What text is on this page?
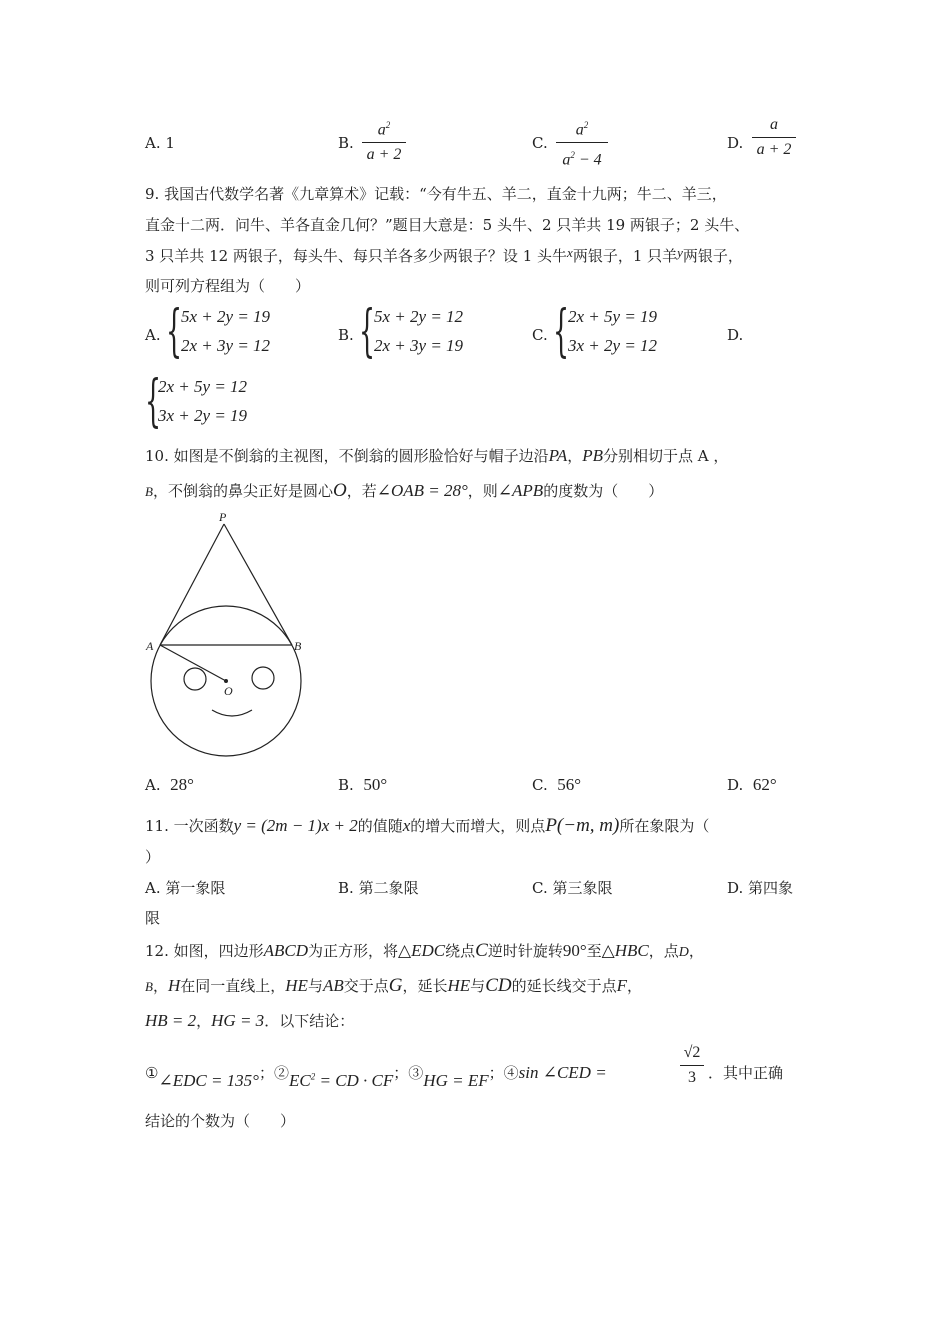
A. 1	B.
$a^2$
a + 2
C.
$a^2$
$a^2 - 4$
D.
a
a + 2
9. 我国古代数学名著《九章算术》记载：“今有牛五、羊二，直金十九两；牛二、羊三，
直金十二两．问牛、羊各直金几何？”题目大意是：5 头牛、2 只羊共 19 两银子；2 头牛、
3 只羊共 12 两银子，每头牛、每只羊各多少两银子？设 1 头牛x两银子，1 只羊y两银子，
则可列方程组为（　　）
A. {
5x + 2y = 19
2x + 3y = 12
B. {
5x + 2y = 12
2x + 3y = 19
C. {
2x + 5y = 19
3x + 2y = 12
D.
{
2x + 5y = 12
3x + 2y = 19
10. 如图是不倒翁的主视图，不倒翁的圆形脸恰好与帽子边沿PA，PB分别相切于点 A ，
B，不倒翁的鼻尖正好是圆心O，若∠OAB = 28°，则∠APB的度数为（　　）
P
A	B
O
A. 28°	B. 50°	C. 56°	D. 62°
11. 一次函数y = (2m − 1)x + 2的值随x的增大而增大，则点P(−m, m)所在象限为（
）
A. 第一象限	B. 第二象限	C. 第三象限	D. 第四象
限
12. 如图，四边形ABCD为正方形，将△EDC绕点C逆时针旋转90°至△HBC，点D，
B，H在同一直线上，HE与AB交于点G，延长HE与CD的延长线交于点F，
HB = 2，HG = 3．以下结论：
①∠EDC = 135°；$②EC^2$ = CD · CF；③HG = EF；④sin ∠CED =
√2
3 ．其中正确
结论的个数为（　　）
